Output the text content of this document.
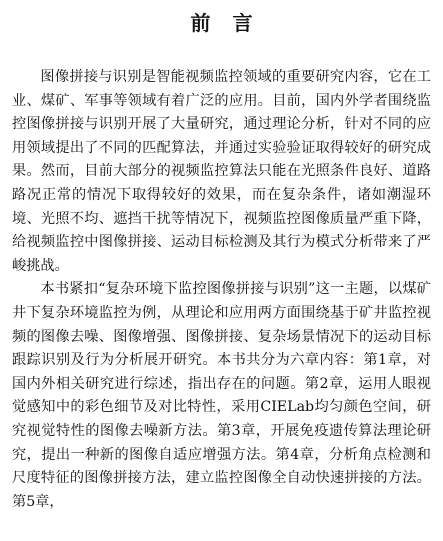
前言

图像拼接与识别是智能视频监控领域的重要研究内容，它在工业、煤矿、军事等领域有着广泛的应用。目前，国内外学者围绕监控图像拼接与识别开展了大量研究，通过理论分析，针对不同的应用领域提出了不同的匹配算法，并通过实验验证取得较好的研究成果。然而，目前大部分的视频监控算法只能在光照条件良好、道路路况正常的情况下取得较好的效果，而在复杂条件，诸如潮湿环境、光照不均、遮挡干扰等情况下，视频监控图像质量严重下降，给视频监控中图像拼接、运动目标检测及其行为模式分析带来了严峻挑战。

本书紧扣“复杂环境下监控图像拼接与识别”这一主题，以煤矿井下复杂环境监控为例，从理论和应用两方面围绕基于矿井监控视频的图像去噪、图像增强、图像拼接、复杂场景情况下的运动目标跟踪识别及行为分析展开研究。本书共分为六章内容：第1章，对国内外相关研究进行综述，指出存在的问题。第2章，运用人眼视觉感知中的彩色细节及对比特性，采用CIELab均匀颜色空间，研究视觉特性的图像去噪新方法。第3章，开展免疫遗传算法理论研究，提出一种新的图像自适应增强方法。第4章，分析角点检测和尺度特征的图像拼接方法，建立监控图像全自动快速拼接的方法。第5章，
